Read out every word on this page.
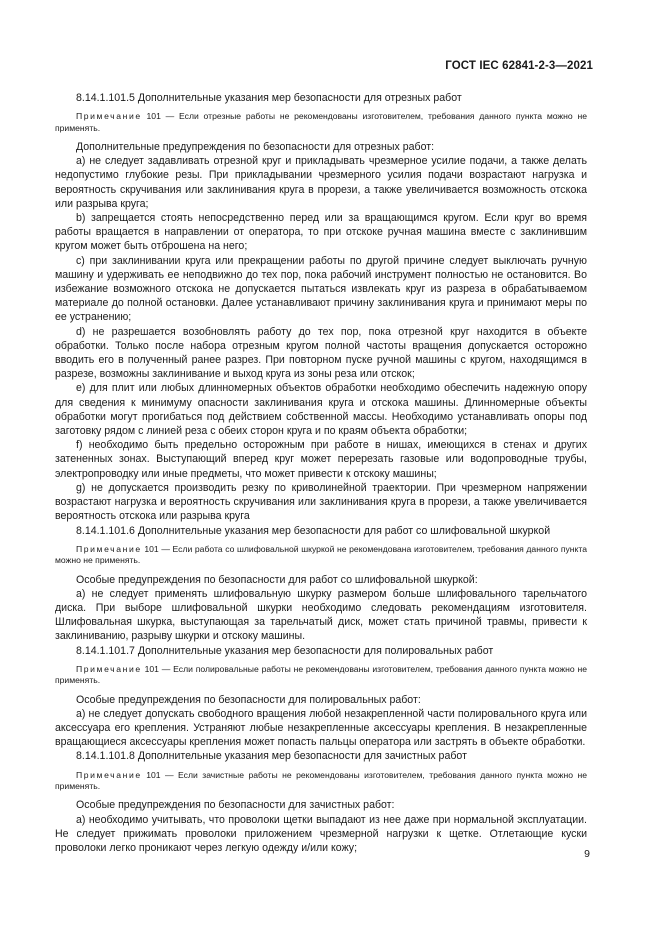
ГОСТ IEC 62841-2-3—2021

8.14.1.101.5 Дополнительные указания мер безопасности для отрезных работ

Примечание 101 — Если отрезные работы не рекомендованы изготовителем, требования данного пункта можно не применять.

Дополнительные предупреждения по безопасности для отрезных работ:

a) не следует задавливать отрезной круг и прикладывать чрезмерное усилие подачи, а также делать недопустимо глубокие резы. При прикладывании чрезмерного усилия подачи возрастают нагрузка и вероятность скручивания или заклинивания круга в прорези, а также увеличивается возможность отскока или разрыва круга;

b) запрещается стоять непосредственно перед или за вращающимся кругом. Если круг во время работы вращается в направлении от оператора, то при отскоке ручная машина вместе с заклинившим кругом может быть отброшена на него;

c) при заклинивании круга или прекращении работы по другой причине следует выключать ручную машину и удерживать ее неподвижно до тех пор, пока рабочий инструмент полностью не остановится. Во избежание возможного отскока не допускается пытаться извлекать круг из разреза в обрабатываемом материале до полной остановки. Далее устанавливают причину заклинивания круга и принимают меры по ее устранению;

d) не разрешается возобновлять работу до тех пор, пока отрезной круг находится в объекте обработки. Только после набора отрезным кругом полной частоты вращения допускается осторожно вводить его в полученный ранее разрез. При повторном пуске ручной машины с кругом, находящимся в разрезе, возможны заклинивание и выход круга из зоны реза или отскок;

e) для плит или любых длинномерных объектов обработки необходимо обеспечить надежную опору для сведения к минимуму опасности заклинивания круга и отскока машины. Длинномерные объекты обработки могут прогибаться под действием собственной массы. Необходимо устанавливать опоры под заготовку рядом с линией реза с обеих сторон круга и по краям объекта обработки;

f) необходимо быть предельно осторожным при работе в нишах, имеющихся в стенах и других затененных зонах. Выступающий вперед круг может перерезать газовые или водопроводные трубы, электропроводку или иные предметы, что может привести к отскоку машины;

g) не допускается производить резку по криволинейной траектории. При чрезмерном напряжении возрастают нагрузка и вероятность скручивания или заклинивания круга в прорези, а также увеличивается вероятность отскока или разрыва круга

8.14.1.101.6 Дополнительные указания мер безопасности для работ со шлифовальной шкуркой

Примечание 101 — Если работа со шлифовальной шкуркой не рекомендована изготовителем, требования данного пункта можно не применять.

Особые предупреждения по безопасности для работ со шлифовальной шкуркой:

a) не следует применять шлифовальную шкурку размером больше шлифовального тарельчатого диска. При выборе шлифовальной шкурки необходимо следовать рекомендациям изготовителя. Шлифовальная шкурка, выступающая за тарельчатый диск, может стать причиной травмы, привести к заклиниванию, разрыву шкурки и отскоку машины.

8.14.1.101.7 Дополнительные указания мер безопасности для полировальных работ

Примечание 101 — Если полировальные работы не рекомендованы изготовителем, требования данного пункта можно не применять.

Особые предупреждения по безопасности для полировальных работ:

a) не следует допускать свободного вращения любой незакрепленной части полировального круга или аксессуара его крепления. Устраняют любые незакрепленные аксессуары крепления. В незакрепленные вращающиеся аксессуары крепления может попасть пальцы оператора или застрять в объекте обработки.

8.14.1.101.8 Дополнительные указания мер безопасности для зачистных работ

Примечание 101 — Если зачистные работы не рекомендованы изготовителем, требования данного пункта можно не применять.

Особые предупреждения по безопасности для зачистных работ:

a) необходимо учитывать, что проволоки щетки выпадают из нее даже при нормальной эксплуатации. Не следует прижимать проволоки приложением чрезмерной нагрузки к щетке. Отлетающие куски проволоки легко проникают через легкую одежду и/или кожу;

9
